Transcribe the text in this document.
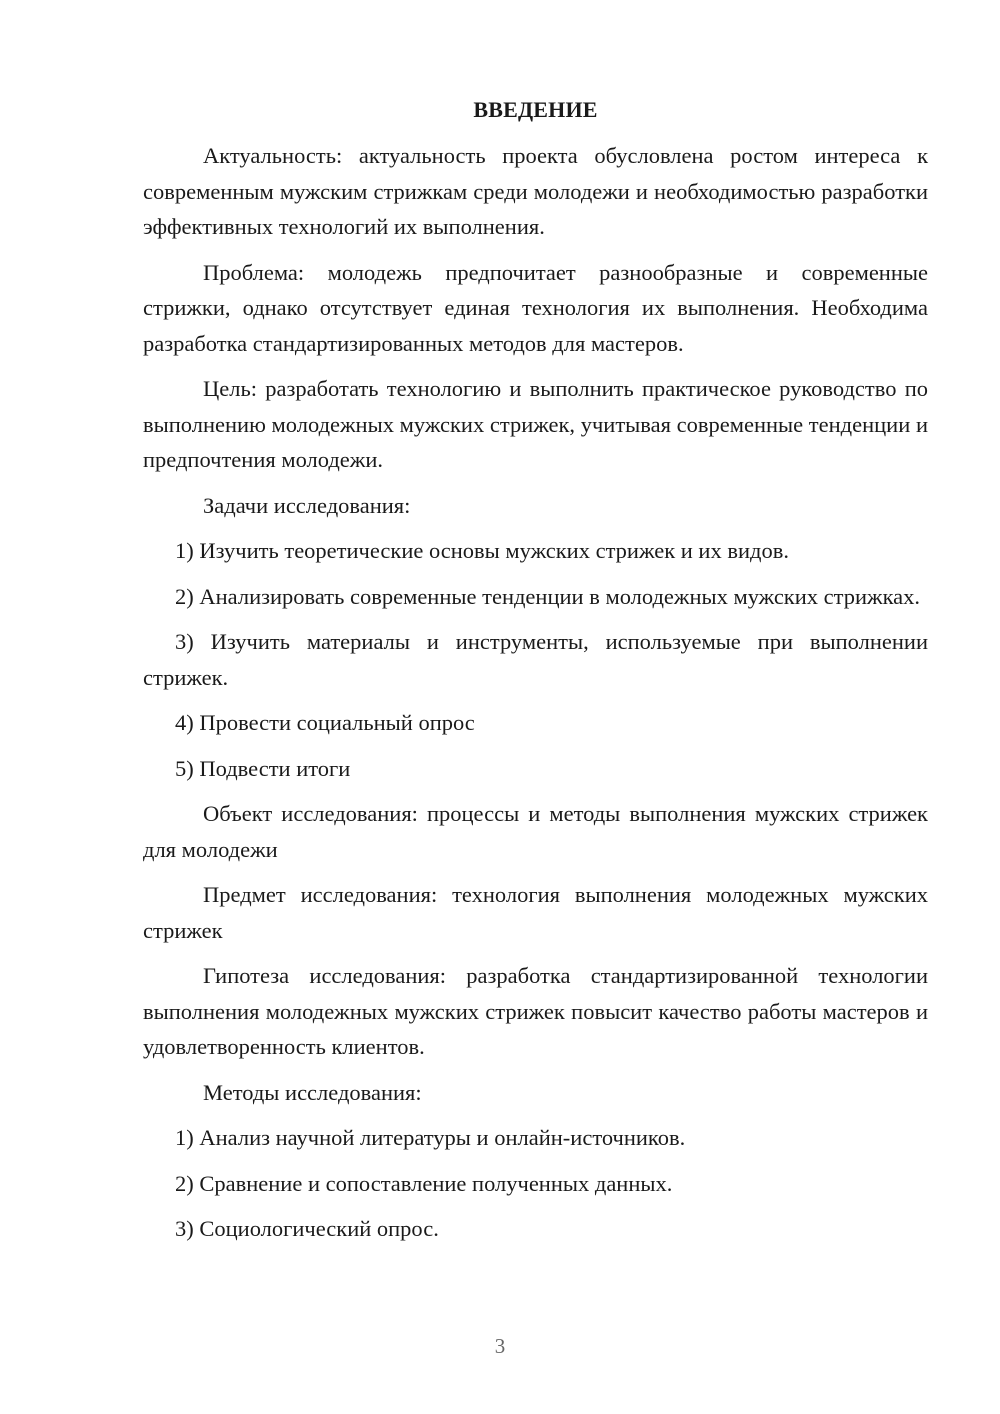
ВВЕДЕНИЕ

Актуальность: актуальность проекта обусловлена ростом интереса к современным мужским стрижкам среди молодежи и необходимостью разработки эффективных технологий их выполнения.

Проблема: молодежь предпочитает разнообразные и современные стрижки, однако отсутствует единая технология их выполнения. Необходима разработка стандартизированных методов для мастеров.

Цель: разработать технологию и выполнить практическое руководство по выполнению молодежных мужских стрижек, учитывая современные тенденции и предпочтения молодежи.

Задачи исследования:

1) Изучить теоретические основы мужских стрижек и их видов.

2) Анализировать современные тенденции в молодежных мужских стрижках.

3) Изучить материалы и инструменты, используемые при выполнении стрижек.

4) Провести социальный опрос

5) Подвести итоги

Объект исследования: процессы и методы выполнения мужских стрижек для молодежи

Предмет исследования: технология выполнения молодежных мужских стрижек

Гипотеза исследования: разработка стандартизированной технологии выполнения молодежных мужских стрижек повысит качество работы мастеров и удовлетворенность клиентов.

Методы исследования:

1) Анализ научной литературы и онлайн-источников.

2) Сравнение и сопоставление полученных данных.

3) Социологический опрос.

3
